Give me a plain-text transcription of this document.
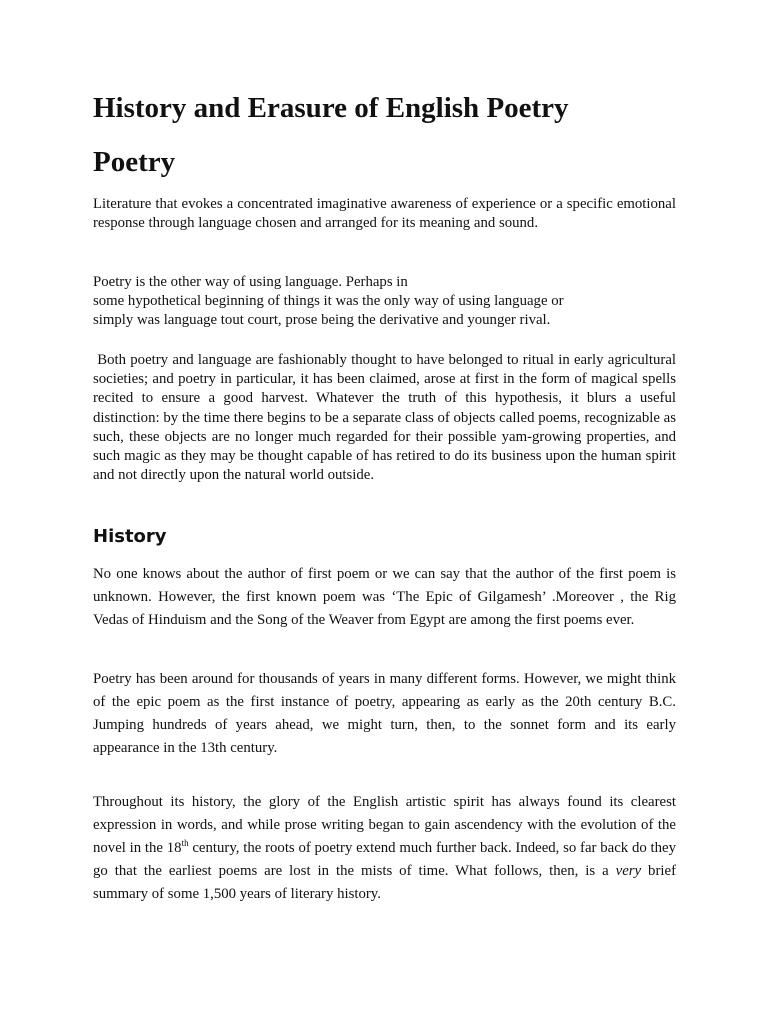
History and Erasure of English Poetry
Poetry

Literature that evokes a concentrated imaginative awareness of experience or a specific emotional response through language chosen and arranged for its meaning and sound.

Poetry is the other way of using language. Perhaps in
some hypothetical beginning of things it was the only way of using language or
simply was language tout court, prose being the derivative and younger rival.

Both poetry and language are fashionably thought to have belonged to ritual in early agricultural societies; and poetry in particular, it has been claimed, arose at first in the form of magical spells recited to ensure a good harvest. Whatever the truth of this hypothesis, it blurs a useful distinction: by the time there begins to be a separate class of objects called poems, recognizable as such, these objects are no longer much regarded for their possible yam-growing properties, and such magic as they may be thought capable of has retired to do its business upon the human spirit and not directly upon the natural world outside.

History

No one knows about the author of first poem or we can say that the author of the first poem is unknown. However, the first known poem was ‘The Epic of Gilgamesh’ .Moreover , the Rig Vedas of Hinduism and the Song of the Weaver from Egypt are among the first poems ever.

Poetry has been around for thousands of years in many different forms. However, we might think of the epic poem as the first instance of poetry, appearing as early as the 20th century B.C. Jumping hundreds of years ahead, we might turn, then, to the sonnet form and its early appearance in the 13th century.

Throughout its history, the glory of the English artistic spirit has always found its clearest expression in words, and while prose writing began to gain ascendency with the evolution of the novel in the 18th century, the roots of poetry extend much further back. Indeed, so far back do they go that the earliest poems are lost in the mists of time. What follows, then, is a very brief summary of some 1,500 years of literary history.
